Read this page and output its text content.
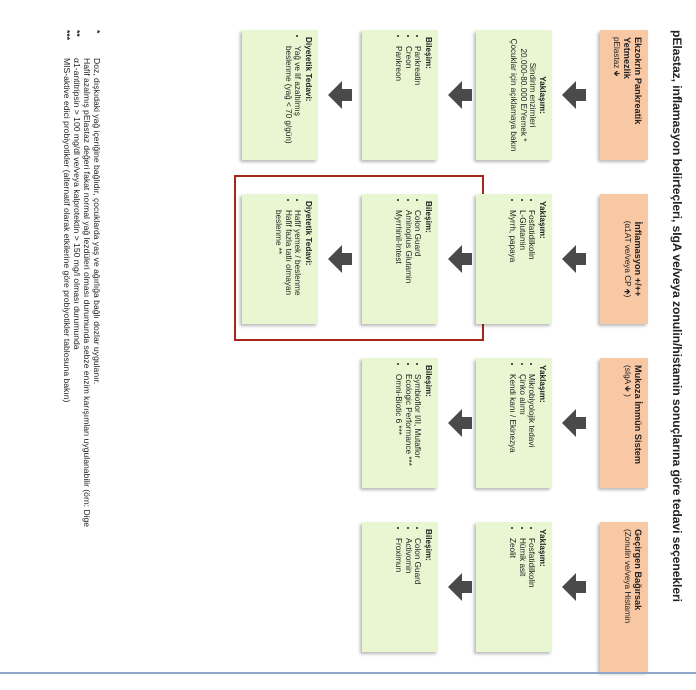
pElastaz, inflamasyon belirteçleri, sIgA ve/veya zonulin/histamin sonuçlarına göre tedavi seçenekleri
Ekzokrin Pankreatik
Yetmezlik
pElastaz 🡻
Yaklaşım:
Sindirim enzimleri
20.000-80.000 E/Yemek *
Çocuklar için açıklamaya bakın
Bileşim:
• Pankreatin
• Creon
• Pankreon
Diyetetik Tedavi:
• Yağ ve lif azaltılmış beslenme (yağ < 70 g/gün)
İnflamasyon +/++
(α1AT ve/veya CP 🡹)
Yaklaşım:
• Fosfatidilkolin
• L-Glutamin
• Myrrh, papaya
Bileşim:
• Colon Guard
• Aminoplus Glutamin
• Myrrhinil-Intest
Diyetetik Tedavi:
• Hafif yemek / beslenme
• Hafif fazla tatlı olmayan beslenme **
Mukoza İmmün Sistem
(sIgA 🡻 )
Yaklaşım:
• Mikrobiyolojik tedavi
• Çinko alımı
• Kendi kanı / Ekinezya
Bileşim:
• Symbioflor I/II, Mutaflor
• Ecologic Performance ***
• Omni-Biotic 6 ***
Geçirgen Bağırsak
(Zonulin ve/veya Histamin
Yaklaşım:
• Fosfatidilkolin
• Hümik asit
• Zeolit
Bileşim:
• Colon Guard
• Activomin
• Froximun
*
Doz, dışkıdaki yağ içeriğine bağlıdır, çocuklarda yaş ve ağırlığa bağlı dozlar uygulanır.
Hafif azalmış pElastaz değeri fakat normal yağ lezdüleri olması durumunda sebze enzim karışımları uygulanabilir (örn: Dige
**
α1-antitripsin > 100 mg/dl ve/veya kalprotektin > 150 mg/l olması durumunda
***
MIS-aktive edici probiyotikler (alternatif olarak etkilerine göre probiyotikler tablosuna bakın)
